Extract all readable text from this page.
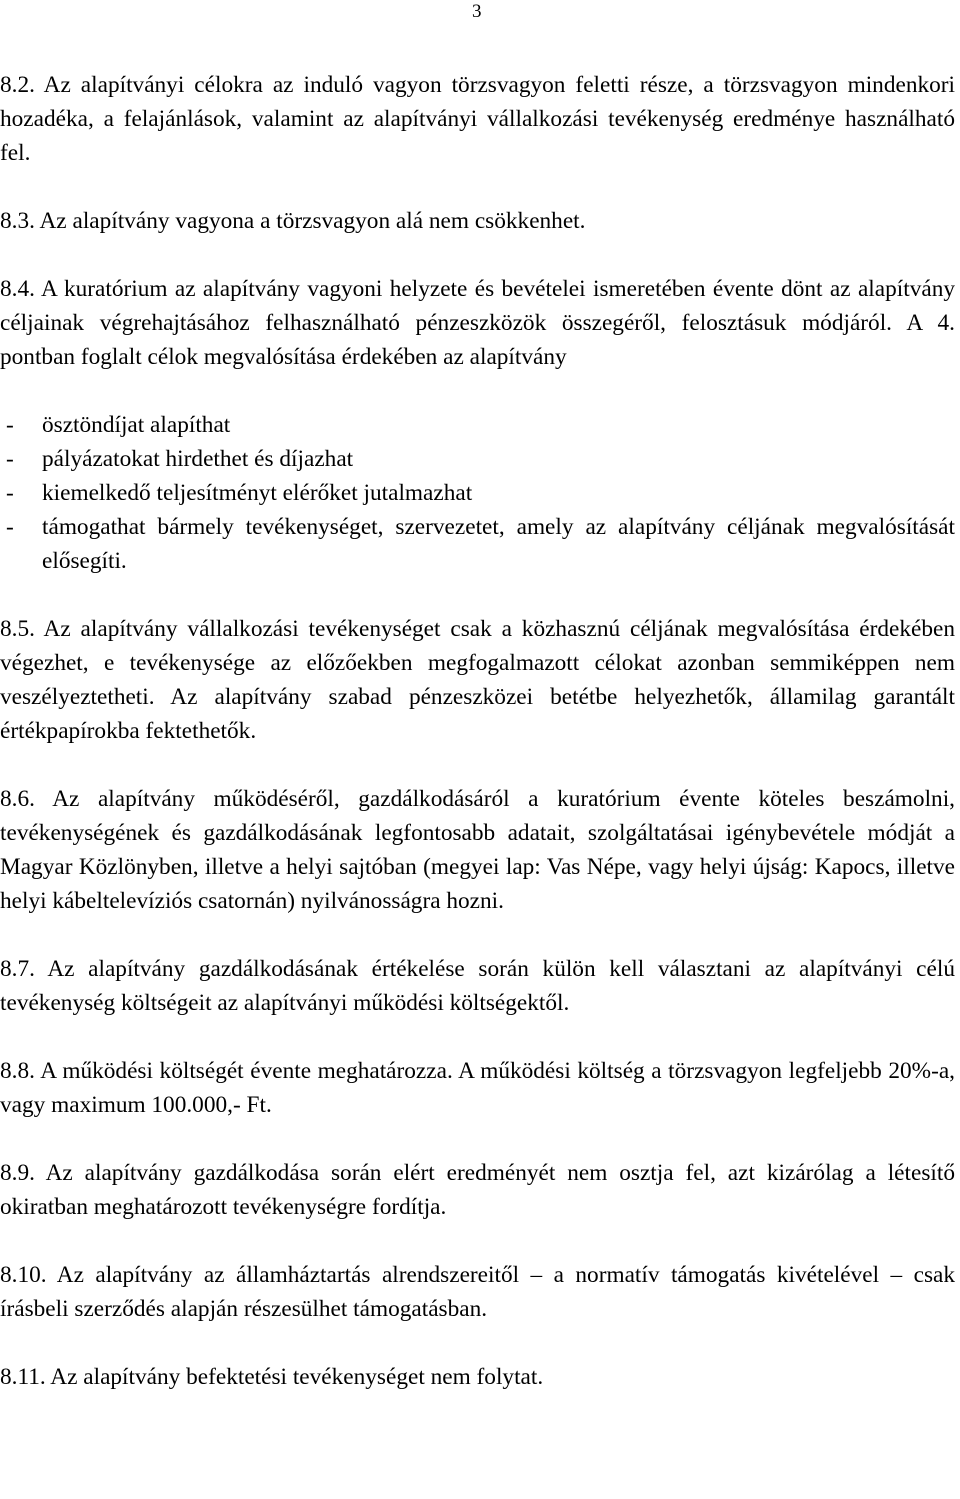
3

8.2. Az alapítványi célokra az induló vagyon törzsvagyon feletti része, a törzsvagyon mindenkori hozadéka, a felajánlások, valamint az alapítványi vállalkozási tevékenység eredménye használható fel.

8.3. Az alapítvány vagyona a törzsvagyon alá nem csökkenhet.

8.4. A kuratórium az alapítvány vagyoni helyzete és bevételei ismeretében évente dönt az alapítvány céljainak végrehajtásához felhasználható pénzeszközök összegéről, felosztásuk módjáról. A 4. pontban foglalt célok megvalósítása érdekében az alapítvány

-	ösztöndíjat alapíthat
-	pályázatokat hirdethet és díjazhat
-	kiemelkedő teljesítményt elérőket jutalmazhat
-	támogathat bármely tevékenységet, szervezetet, amely az alapítvány céljának megvalósítását elősegíti.

8.5. Az alapítvány vállalkozási tevékenységet csak a közhasznú céljának megvalósítása érdekében végezhet, e tevékenysége az előzőekben megfogalmazott célokat azonban semmiképpen nem veszélyeztetheti. Az alapítvány szabad pénzeszközei betétbe helyezhetők, államilag garantált értékpapírokba fektethetők.

8.6. Az alapítvány működéséről, gazdálkodásáról a kuratórium évente köteles beszámolni, tevékenységének és gazdálkodásának legfontosabb adatait, szolgáltatásai igénybevétele módját a Magyar Közlönyben, illetve a helyi sajtóban (megyei lap: Vas Népe, vagy helyi újság: Kapocs, illetve helyi kábeltelevíziós csatornán) nyilvánosságra hozni.

8.7. Az alapítvány gazdálkodásának értékelése során külön kell választani az alapítványi célú tevékenység költségeit az alapítványi működési költségektől.

8.8. A működési költségét évente meghatározza. A működési költség a törzsvagyon legfeljebb 20%-a, vagy maximum 100.000,- Ft.

8.9. Az alapítvány gazdálkodása során elért eredményét nem osztja fel, azt kizárólag a létesítő okiratban meghatározott tevékenységre fordítja.

8.10. Az alapítvány az államháztartás alrendszereitől – a normatív támogatás kivételével – csak írásbeli szerződés alapján részesülhet támogatásban.

8.11. Az alapítvány befektetési tevékenységet nem folytat.
